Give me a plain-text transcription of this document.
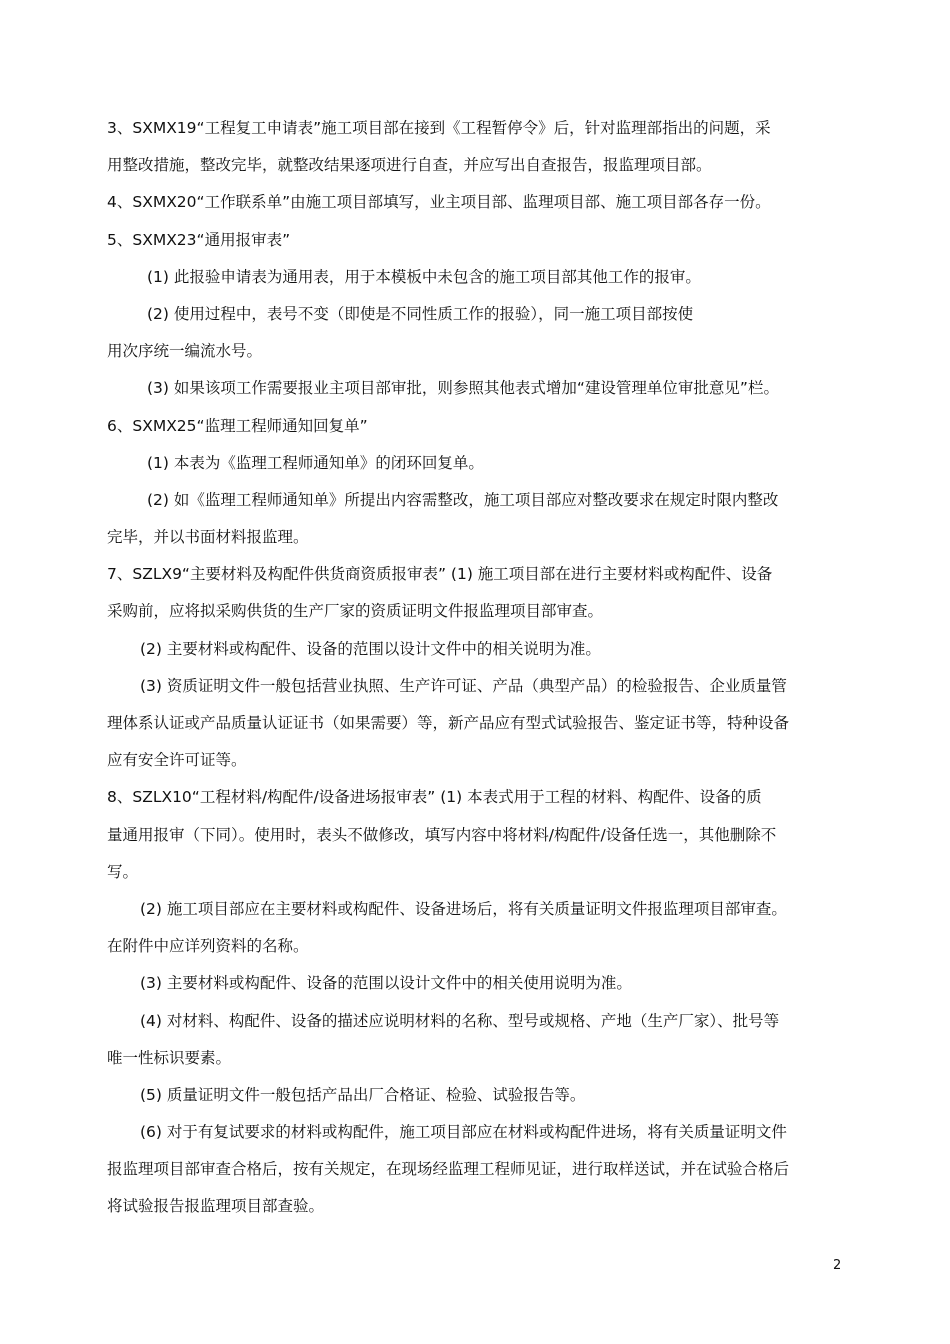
3、SXMX19“工程复工申请表”施工项目部在接到《工程暂停令》后，针对监理部指出的问题，采

用整改措施，整改完毕，就整改结果逐项进行自查，并应写出自查报告，报监理项目部。

4、SXMX20“工作联系单”由施工项目部填写，业主项目部、监理项目部、施工项目部各存一份。

5、SXMX23“通用报审表”

(1) 此报验申请表为通用表，用于本模板中未包含的施工项目部其他工作的报审。

(2) 使用过程中，表号不变（即使是不同性质工作的报验），同一施工项目部按使

用次序统一编流水号。

(3) 如果该项工作需要报业主项目部审批，则参照其他表式增加“建设管理单位审批意见”栏。

6、SXMX25“监理工程师通知回复单”

(1) 本表为《监理工程师通知单》的闭环回复单。

(2) 如《监理工程师通知单》所提出内容需整改，施工项目部应对整改要求在规定时限内整改

完毕，并以书面材料报监理。

7、SZLX9“主要材料及构配件供货商资质报审表” (1) 施工项目部在进行主要材料或构配件、设备

采购前，应将拟采购供货的生产厂家的资质证明文件报监理项目部审查。

(2) 主要材料或构配件、设备的范围以设计文件中的相关说明为准。

(3) 资质证明文件一般包括营业执照、生产许可证、产品（典型产品）的检验报告、企业质量管

理体系认证或产品质量认证证书（如果需要）等，新产品应有型式试验报告、鉴定证书等，特种设备

应有安全许可证等。

8、SZLX10“工程材料/构配件/设备进场报审表” (1) 本表式用于工程的材料、构配件、设备的质

量通用报审（下同）。使用时，表头不做修改，填写内容中将材料/构配件/设备任选一，其他删除不

写。

(2) 施工项目部应在主要材料或构配件、设备进场后，将有关质量证明文件报监理项目部审查。

在附件中应详列资料的名称。

(3) 主要材料或构配件、设备的范围以设计文件中的相关使用说明为准。

(4) 对材料、构配件、设备的描述应说明材料的名称、型号或规格、产地（生产厂家）、批号等

唯一性标识要素。

(5) 质量证明文件一般包括产品出厂合格证、检验、试验报告等。

(6) 对于有复试要求的材料或构配件，施工项目部应在材料或构配件进场，将有关质量证明文件

报监理项目部审查合格后，按有关规定，在现场经监理工程师见证，进行取样送试，并在试验合格后

将试验报告报监理项目部查验。

2
